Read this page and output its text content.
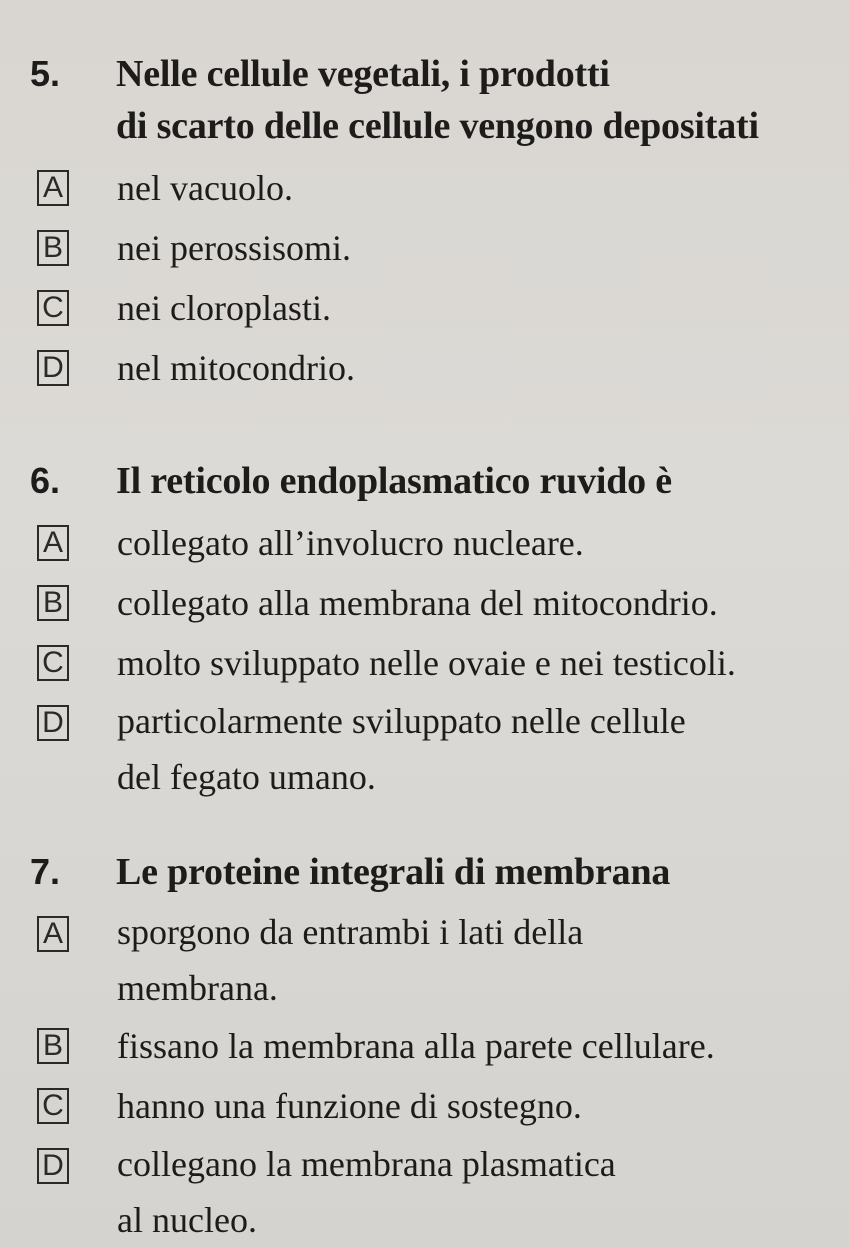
5.	Nelle cellule vegetali, i prodotti
di scarto delle cellule vengono depositati
A nel vacuolo.
B nei perossisomi.
C nei cloroplasti.
D nel mitocondrio.
6.	Il reticolo endoplasmatico ruvido è
A collegato all’involucro nucleare.
B collegato alla membrana del mitocondrio.
C molto sviluppato nelle ovaie e nei testicoli.
D particolarmente sviluppato nelle cellule
del fegato umano.
7.	Le proteine integrali di membrana
A sporgono da entrambi i lati della
membrana.
B fissano la membrana alla parete cellulare.
C hanno una funzione di sostegno.
D collegano la membrana plasmatica
al nucleo.
